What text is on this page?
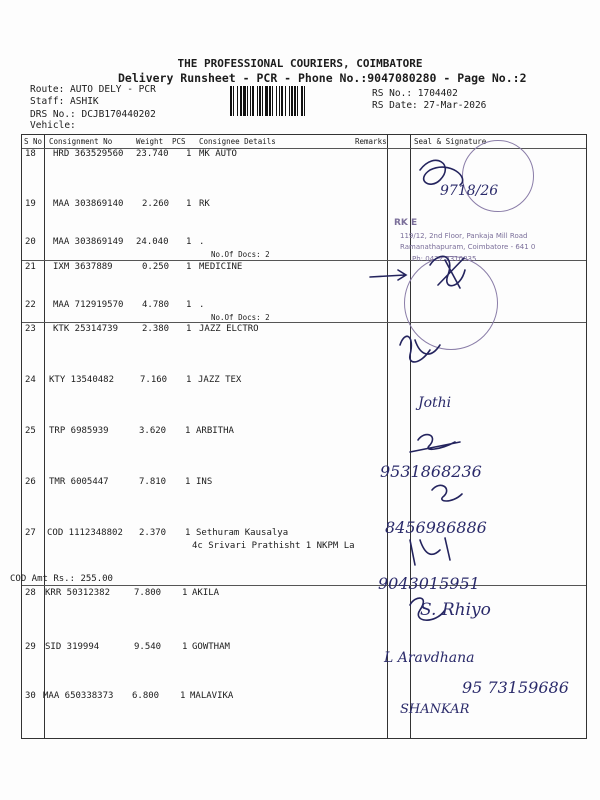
THE PROFESSIONAL COURIERS, COIMBATORE
Delivery Runsheet - PCR - Phone No.:9047080280 - Page No.:2
Route: AUTO DELY - PCR
Staff: ASHIK
DRS No.: DCJB170440202
Vehicle:
RS No.: 1704402
RS Date: 27-Mar-2026
S No Consignment No	Weight PCS Consignee Details	Remarks	Seal & Signature
18 HRD 363529560 23.740 1 MK AUTO
19 MAA 303869140 2.260 1 RK
20 MAA 303869149 24.040 1 .
No.Of Docs: 2
21 IXM 3637889	0.250 1 MEDICINE
22 MAA 712919570 4.780 1 .
No.Of Docs: 2
23 KTK 25314739	2.380 1 JAZZ ELCTRO
24 KTY 13540482	7.160 1 JAZZ TEX
25 TRP 6985939	3.620 1 ARBITHA
26 TMR 6005447	7.810 1 INS
27 COD 1112348802 2.370 1 Sethuram Kausalya
4c Srivari Prathisht 1 NKPM La
COD Amt Rs.: 255.00
28 KRR 50312382	7.800 1 AKILA
29 SID 319994	9.540 1 GOWTHAM
30 MAA 650338373 6.800 1 MALAVIKA
RK E
119/12, 2nd Floor, Pankaja Mill Road
Ramanathapuram, Coimbatore - 641 0
Ph: 0422 2310835
9718/26
Jothi
9531868236
8456986886
9043015951
S. Rhiyo
L Aravdhana
95 73159686
SHANKAR
